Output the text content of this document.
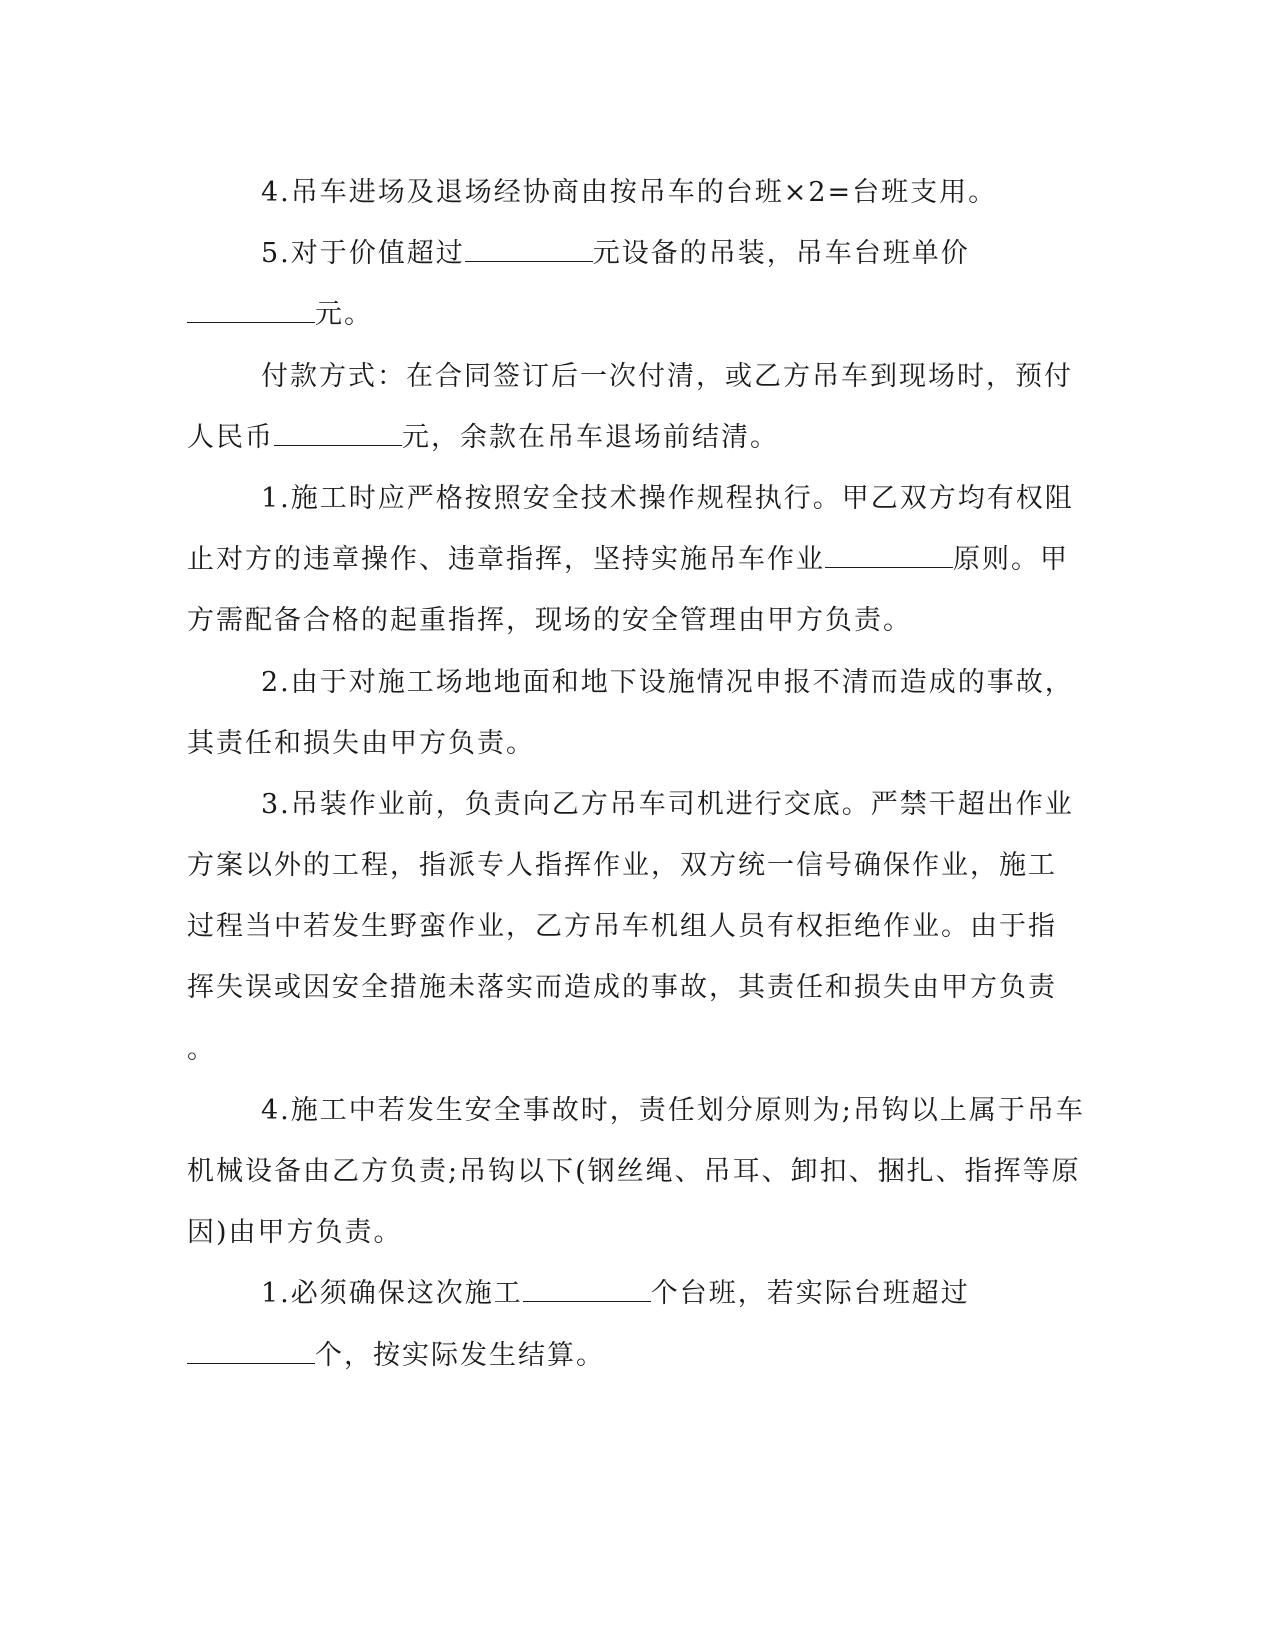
4.吊车进场及退场经协商由按吊车的台班×2=台班支用。
5.对于价值超过	元设备的吊装，吊车台班单价
元。
付款方式：在合同签订后一次付清，或乙方吊车到现场时，预付
人民币	元，余款在吊车退场前结清。
1.施工时应严格按照安全技术操作规程执行。甲乙双方均有权阻
止对方的违章操作、违章指挥，坚持实施吊车作业	原则。甲
方需配备合格的起重指挥，现场的安全管理由甲方负责。
2.由于对施工场地地面和地下设施情况申报不清而造成的事故，
其责任和损失由甲方负责。
3.吊装作业前，负责向乙方吊车司机进行交底。严禁干超出作业
方案以外的工程，指派专人指挥作业，双方统一信号确保作业，施工
过程当中若发生野蛮作业，乙方吊车机组人员有权拒绝作业。由于指
挥失误或因安全措施未落实而造成的事故，其责任和损失由甲方负责
。
4.施工中若发生安全事故时，责任划分原则为;吊钩以上属于吊车
机械设备由乙方负责;吊钩以下(钢丝绳、吊耳、卸扣、捆扎、指挥等原
因)由甲方负责。
1.必须确保这次施工	个台班，若实际台班超过
个，按实际发生结算。
